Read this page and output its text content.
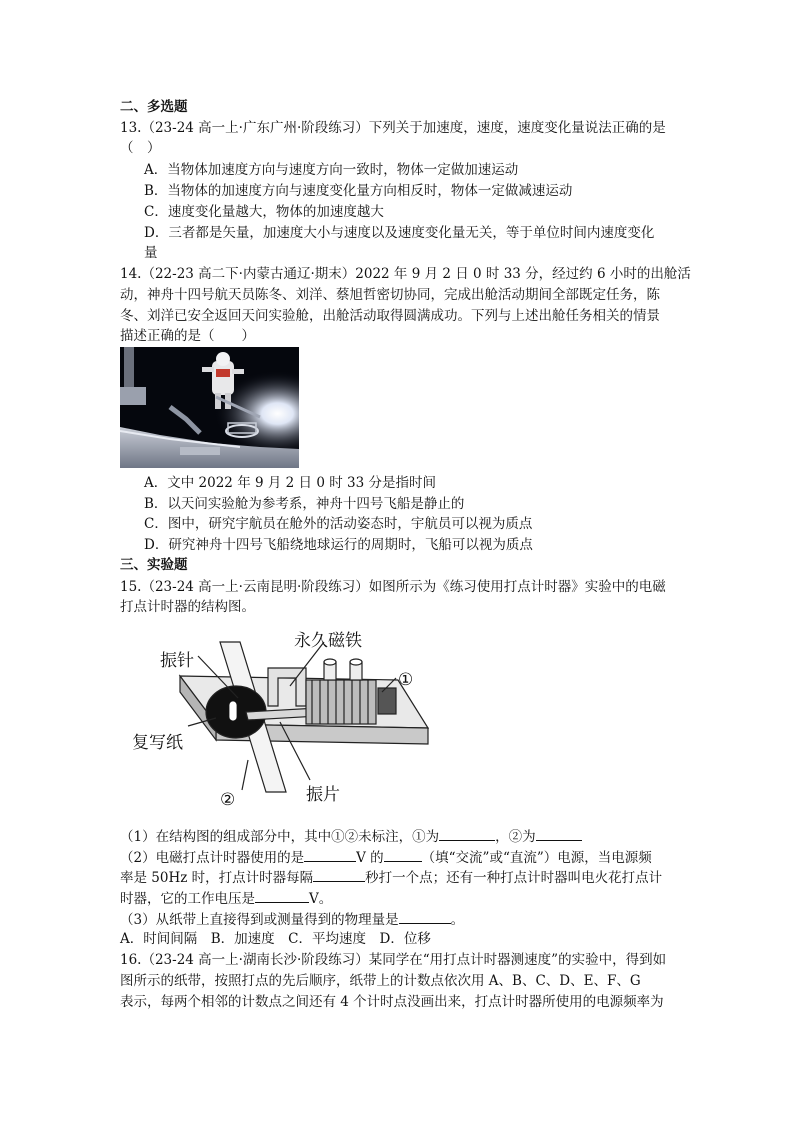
二、多选题
13.（23-24 高一上·广东广州·阶段练习）下列关于加速度，速度，速度变化量说法正确的是
（　）
A．当物体加速度方向与速度方向一致时，物体一定做加速运动
B．当物体的加速度方向与速度变化量方向相反时，物体一定做减速运动
C．速度变化量越大，物体的加速度越大
D．三者都是矢量，加速度大小与速度以及速度变化量无关，等于单位时间内速度变化
量
14.（22-23 高二下·内蒙古通辽·期末）2022 年 9 月 2 日 0 时 33 分，经过约 6 小时的出舱活
动，神舟十四号航天员陈冬、刘洋、蔡旭哲密切协同，完成出舱活动期间全部既定任务，陈
冬、刘洋已安全返回天问实验舱，出舱活动取得圆满成功。下列与上述出舱任务相关的情景
描述正确的是（　　）
A．文中 2022 年 9 月 2 日 0 时 33 分是指时间
B．以天问实验舱为参考系，神舟十四号飞船是静止的
C．图中，研究宇航员在舱外的活动姿态时，宇航员可以视为质点
D．研究神舟十四号飞船绕地球运行的周期时，飞船可以视为质点
三、实验题
15.（23-24 高一上·云南昆明·阶段练习）如图所示为《练习使用打点计时器》实验中的电磁
打点计时器的结构图。
振针
永久磁铁
①
复写纸
②	振片
（1）在结构图的组成部分中，其中①②未标注，①为	，②为
（2）电磁打点计时器使用的是	V 的	（填“交流”或“直流”）电源，当电源频
率是 50Hz 时，打点计时器每隔	秒打一个点；还有一种打点计时器叫电火花打点计
时器，它的工作电压是	V。
（3）从纸带上直接得到或测量得到的物理量是	。
A．时间间隔　B．加速度　C．平均速度　D．位移
16.（23-24 高一上·湖南长沙·阶段练习）某同学在“用打点计时器测速度”的实验中，得到如
图所示的纸带，按照打点的先后顺序，纸带上的计数点依次用 A、B、C、D、E、F、G
表示，每两个相邻的计数点之间还有 4 个计时点没画出来，打点计时器所使用的电源频率为
